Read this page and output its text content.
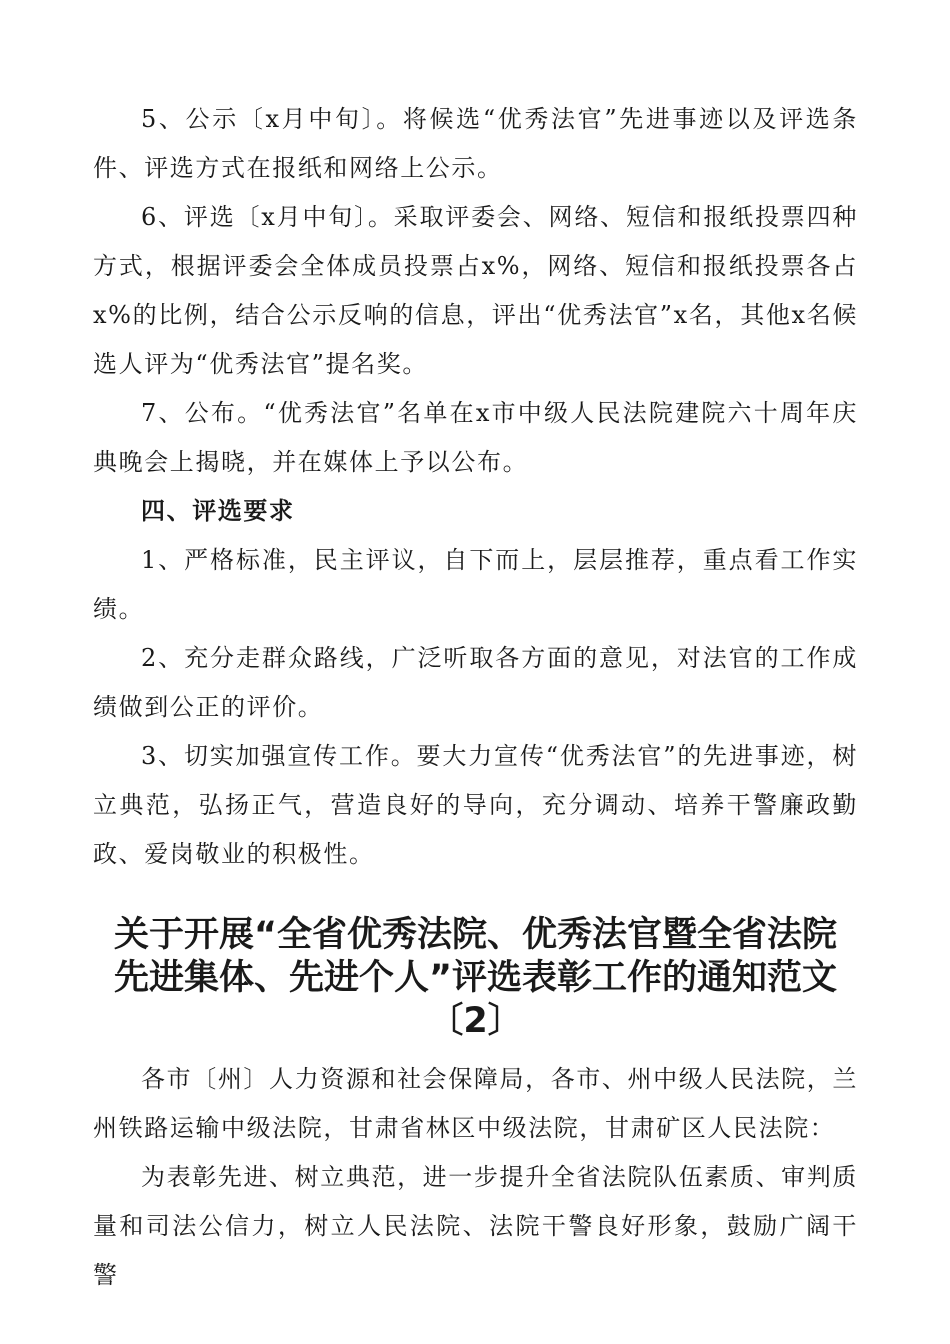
5、公示〔x月中旬〕。将候选“优秀法官”先进事迹以及评选条件、评选方式在报纸和网络上公示。

6、评选〔x月中旬〕。采取评委会、网络、短信和报纸投票四种方式，根据评委会全体成员投票占x%，网络、短信和报纸投票各占x%的比例，结合公示反响的信息，评出“优秀法官”x名，其他x名候选人评为“优秀法官”提名奖。

7、公布。“优秀法官”名单在x市中级人民法院建院六十周年庆典晚会上揭晓，并在媒体上予以公布。

四、评选要求

1、严格标准，民主评议，自下而上，层层推荐，重点看工作实绩。

2、充分走群众路线，广泛听取各方面的意见，对法官的工作成绩做到公正的评价。

3、切实加强宣传工作。要大力宣传“优秀法官”的先进事迹，树立典范，弘扬正气，营造良好的导向，充分调动、培养干警廉政勤政、爱岗敬业的积极性。

关于开展“全省优秀法院、优秀法官暨全省法院
先进集体、先进个人”评选表彰工作的通知范文
〔2〕

各市〔州〕人力资源和社会保障局，各市、州中级人民法院，兰州铁路运输中级法院，甘肃省林区中级法院，甘肃矿区人民法院：

为表彰先进、树立典范，进一步提升全省法院队伍素质、审判质量和司法公信力，树立人民法院、法院干警良好形象，鼓励广阔干警
